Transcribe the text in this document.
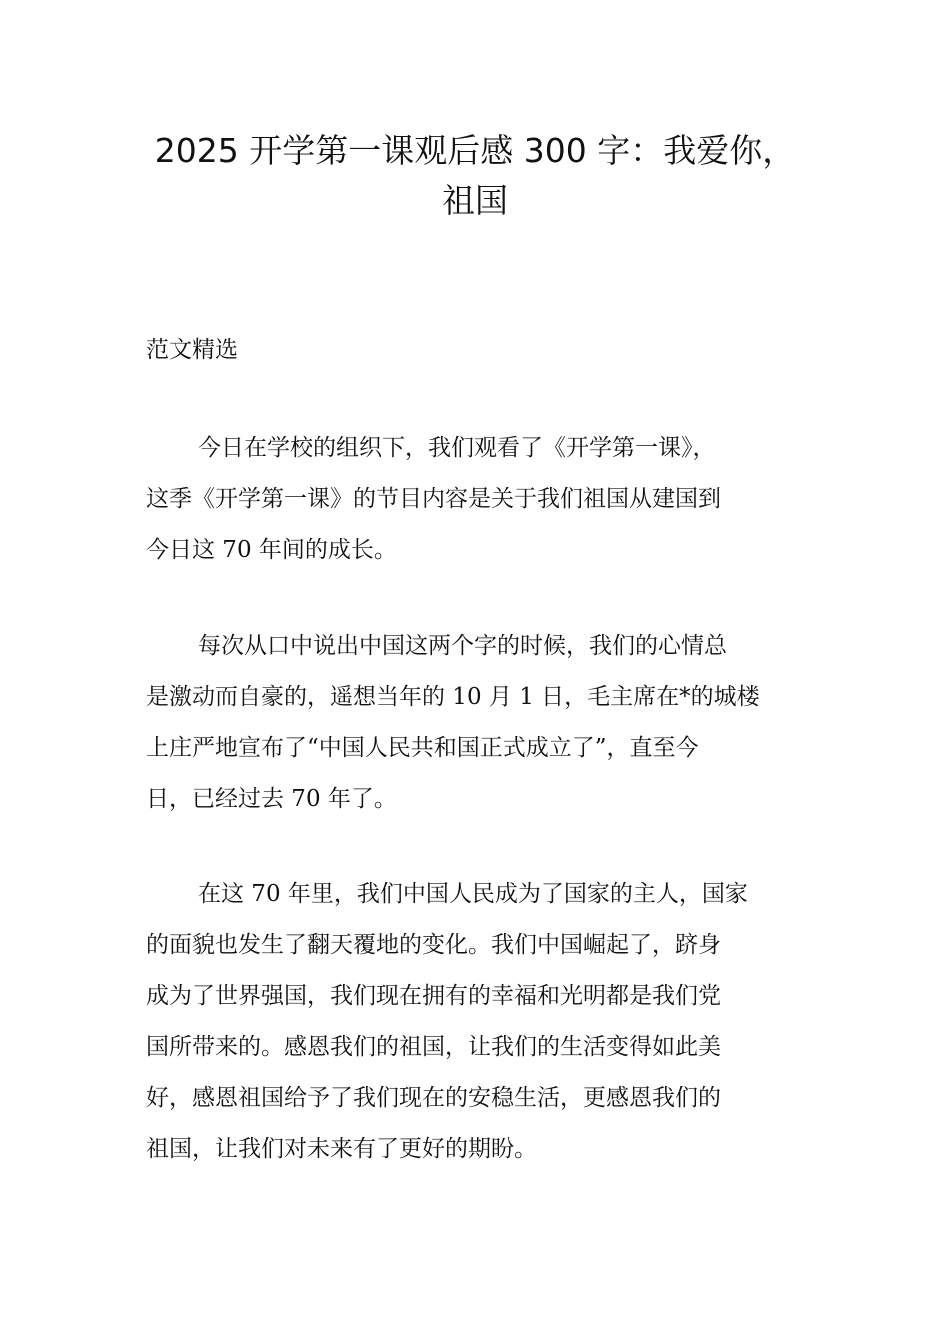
2025 开学第一课观后感 300 字：我爱你，
祖国

范文精选

今日在学校的组织下，我们观看了《开学第一课》，
这季《开学第一课》的节目内容是关于我们祖国从建国到
今日这 70 年间的成长。

每次从口中说出中国这两个字的时候，我们的心情总
是激动而自豪的，遥想当年的 10 月 1 日，毛主席在*的城楼
上庄严地宣布了“中国人民共和国正式成立了”，直至今
日，已经过去 70 年了。

在这 70 年里，我们中国人民成为了国家的主人，国家
的面貌也发生了翻天覆地的变化。我们中国崛起了，跻身
成为了世界强国，我们现在拥有的幸福和光明都是我们党
国所带来的。感恩我们的祖国，让我们的生活变得如此美
好，感恩祖国给予了我们现在的安稳生活，更感恩我们的
祖国，让我们对未来有了更好的期盼。
